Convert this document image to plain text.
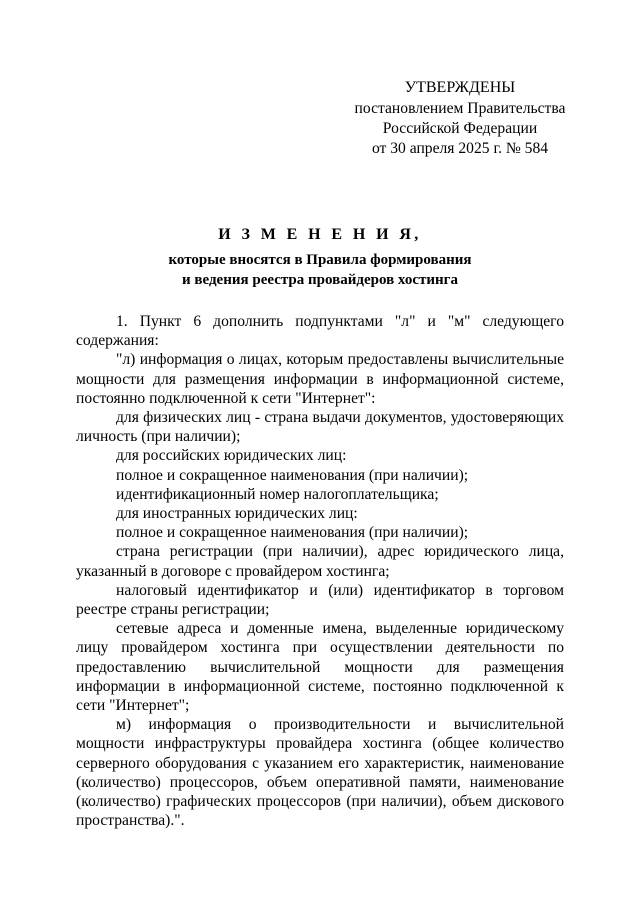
УТВЕРЖДЕНЫ
постановлением Правительства
Российской Федерации
от 30 апреля 2025 г. № 584
И З М Е Н Е Н И Я,
которые вносятся в Правила формирования
и ведения реестра провайдеров хостинга

1. Пункт 6 дополнить подпунктами "л" и "м" следующего содержания:

"л) информация о лицах, которым предоставлены вычислительные мощности для размещения информации в информационной системе, постоянно подключенной к сети "Интернет":

для физических лиц - страна выдачи документов, удостоверяющих личность (при наличии);

для российских юридических лиц:

полное и сокращенное наименования (при наличии);

идентификационный номер налогоплательщика;

для иностранных юридических лиц:

полное и сокращенное наименования (при наличии);

страна регистрации (при наличии), адрес юридического лица, указанный в договоре с провайдером хостинга;

налоговый идентификатор и (или) идентификатор в торговом реестре страны регистрации;

сетевые адреса и доменные имена, выделенные юридическому лицу провайдером хостинга при осуществлении деятельности по предоставлению вычислительной мощности для размещения информации в информационной системе, постоянно подключенной к сети "Интернет";

м) информация о производительности и вычислительной мощности инфраструктуры провайдера хостинга (общее количество серверного оборудования с указанием его характеристик, наименование (количество) процессоров, объем оперативной памяти, наименование (количество) графических процессоров (при наличии), объем дискового пространства).".
